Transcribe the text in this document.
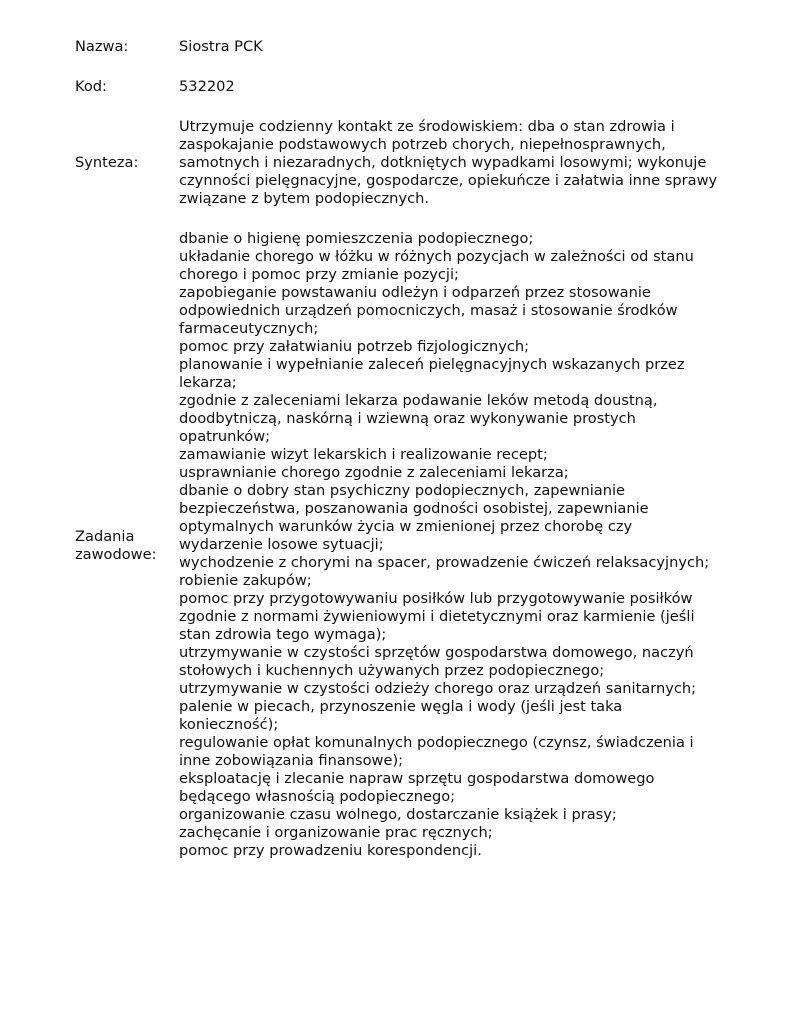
Nazwa:	Siostra PCK
Kod:	532202
Synteza:
Utrzymuje codzienny kontakt ze środowiskiem: dba o stan zdrowia i
zaspokajanie podstawowych potrzeb chorych, niepełnosprawnych,
samotnych i niezaradnych, dotkniętych wypadkami losowymi; wykonuje
czynności pielęgnacyjne, gospodarcze, opiekuńcze i załatwia inne sprawy
związane z bytem podopiecznych.
Zadania
zawodowe:
dbanie o higienę pomieszczenia podopiecznego;
układanie chorego w łóżku w różnych pozycjach w zależności od stanu
chorego i pomoc przy zmianie pozycji;
zapobieganie powstawaniu odleżyn i odparzeń przez stosowanie
odpowiednich urządzeń pomocniczych, masaż i stosowanie środków
farmaceutycznych;
pomoc przy załatwianiu potrzeb fizjologicznych;
planowanie i wypełnianie zaleceń pielęgnacyjnych wskazanych przez
lekarza;
zgodnie z zaleceniami lekarza podawanie leków metodą doustną,
doodbytniczą, naskórną i wziewną oraz wykonywanie prostych
opatrunków;
zamawianie wizyt lekarskich i realizowanie recept;
usprawnianie chorego zgodnie z zaleceniami lekarza;
dbanie o dobry stan psychiczny podopiecznych, zapewnianie
bezpieczeństwa, poszanowania godności osobistej, zapewnianie
optymalnych warunków życia w zmienionej przez chorobę czy
wydarzenie losowe sytuacji;
wychodzenie z chorymi na spacer, prowadzenie ćwiczeń relaksacyjnych;
robienie zakupów;
pomoc przy przygotowywaniu posiłków lub przygotowywanie posiłków
zgodnie z normami żywieniowymi i dietetycznymi oraz karmienie (jeśli
stan zdrowia tego wymaga);
utrzymywanie w czystości sprzętów gospodarstwa domowego, naczyń
stołowych i kuchennych używanych przez podopiecznego;
utrzymywanie w czystości odzieży chorego oraz urządzeń sanitarnych;
palenie w piecach, przynoszenie węgla i wody (jeśli jest taka
konieczność);
regulowanie opłat komunalnych podopiecznego (czynsz, świadczenia i
inne zobowiązania finansowe);
eksploatację i zlecanie napraw sprzętu gospodarstwa domowego
będącego własnością podopiecznego;
organizowanie czasu wolnego, dostarczanie książek i prasy;
zachęcanie i organizowanie prac ręcznych;
pomoc przy prowadzeniu korespondencji.
